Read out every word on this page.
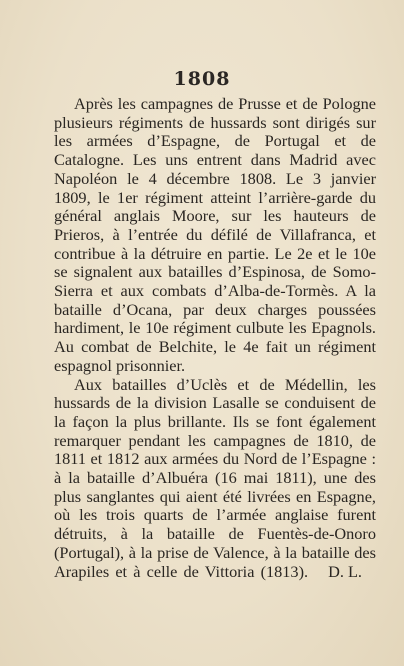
1808

Après les campagnes de Prusse et de Pologne plusieurs régiments de hussards sont dirigés sur les armées d’Espagne, de Portugal et de Catalogne. Les uns entrent dans Madrid avec Napoléon le 4 décembre 1808. Le 3 janvier 1809, le 1er régiment atteint l’arrière-garde du général anglais Moore, sur les hauteurs de Prieros, à l’entrée du défilé de Villafranca, et contribue à la détruire en partie. Le 2e et le 10e se signalent aux batailles d’Espinosa, de Somo-Sierra et aux combats d’Alba-de-Tormès. A la bataille d’Ocana, par deux charges poussées hardiment, le 10e régiment culbute les Epagnols. Au combat de Belchite, le 4e fait un régiment espagnol prisonnier.

Aux batailles d’Uclès et de Médellin, les hussards de la division Lasalle se conduisent de la façon la plus brillante. Ils se font également remarquer pendant les campagnes de 1810, de 1811 et 1812 aux armées du Nord de l’Espagne : à la bataille d’Albuéra (16 mai 1811), une des plus sanglantes qui aient été livrées en Espagne, où les trois quarts de l’armée anglaise furent détruits, à la bataille de Fuentès-de-Onoro (Portugal), à la prise de Valence, à la bataille des Arapiles et à celle de Vittoria (1813).	D. L.
